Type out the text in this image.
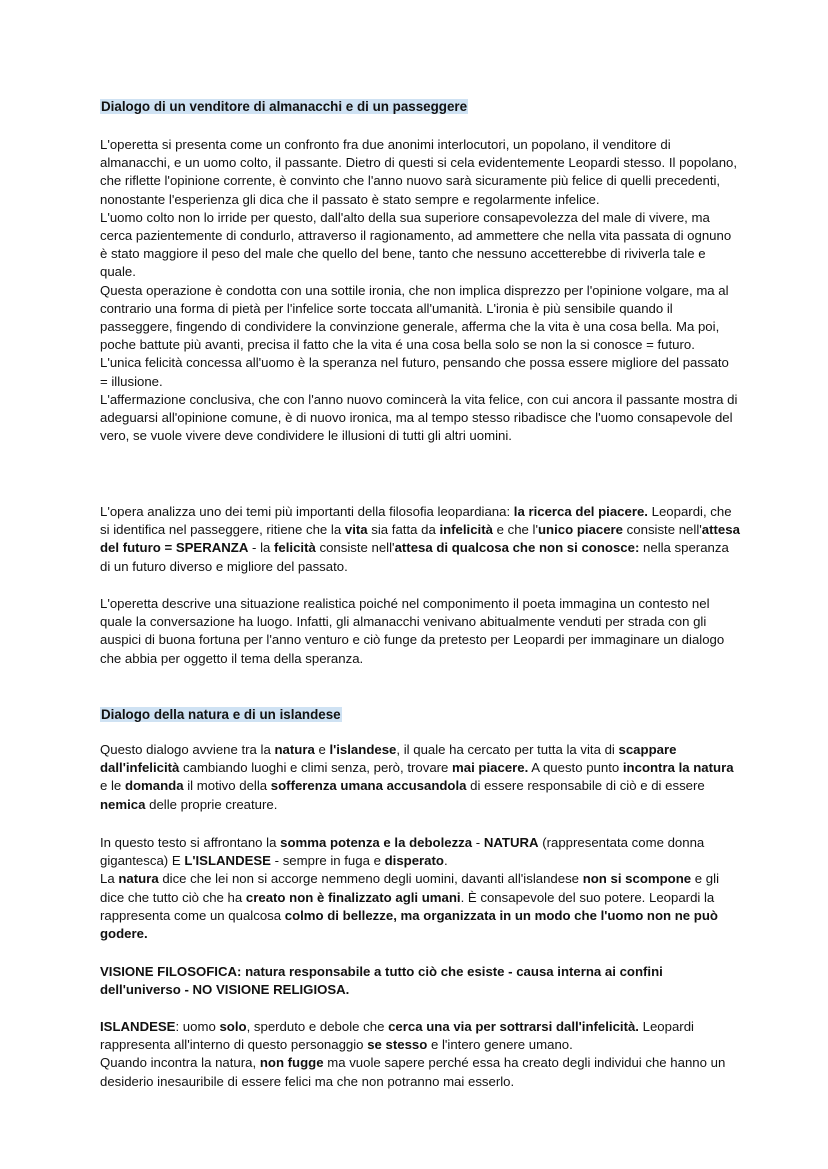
Dialogo di un venditore di almanacchi e di un passeggere

L'operetta si presenta come un confronto fra due anonimi interlocutori, un popolano, il venditore di almanacchi, e un uomo colto, il passante. Dietro di questi si cela evidentemente Leopardi stesso. Il popolano, che riflette l'opinione corrente, è convinto che l'anno nuovo sarà sicuramente più felice di quelli precedenti, nonostante l'esperienza gli dica che il passato è stato sempre e regolarmente infelice.

L'uomo colto non lo irride per questo, dall'alto della sua superiore consapevolezza del male di vivere, ma cerca pazientemente di condurlo, attraverso il ragionamento, ad ammettere che nella vita passata di ognuno è stato maggiore il peso del male che quello del bene, tanto che nessuno accetterebbe di riviverla tale e quale.

Questa operazione è condotta con una sottile ironia, che non implica disprezzo per l'opinione volgare, ma al contrario una forma di pietà per l'infelice sorte toccata all'umanità. L'ironia è più sensibile quando il passeggere, fingendo di condividere la convinzione generale, afferma che la vita è una cosa bella. Ma poi, poche battute più avanti, precisa il fatto che la vita é una cosa bella solo se non la si conosce = futuro.

L'unica felicità concessa all'uomo è la speranza nel futuro, pensando che possa essere migliore del passato = illusione.

L'affermazione conclusiva, che con l'anno nuovo comincerà la vita felice, con cui ancora il passante mostra di adeguarsi all'opinione comune, è di nuovo ironica, ma al tempo stesso ribadisce che l'uomo consapevole del vero, se vuole vivere deve condividere le illusioni di tutti gli altri uomini.

L'opera analizza uno dei temi più importanti della filosofia leopardiana: la ricerca del piacere. Leopardi, che si identifica nel passeggere, ritiene che la vita sia fatta da infelicità e che l'unico piacere consiste nell'attesa del futuro = SPERANZA - la felicità consiste nell'attesa di qualcosa che non si conosce: nella speranza di un futuro diverso e migliore del passato.

L'operetta descrive una situazione realistica poiché nel componimento il poeta immagina un contesto nel quale la conversazione ha luogo. Infatti, gli almanacchi venivano abitualmente venduti per strada con gli auspici di buona fortuna per l'anno venturo e ciò funge da pretesto per Leopardi per immaginare un dialogo che abbia per oggetto il tema della speranza.

Dialogo della natura e di un islandese

Questo dialogo avviene tra la natura e l'islandese, il quale ha cercato per tutta la vita di scappare dall'infelicità cambiando luoghi e climi senza, però, trovare mai piacere. A questo punto incontra la natura e le domanda il motivo della sofferenza umana accusandola di essere responsabile di ciò e di essere nemica delle proprie creature.

In questo testo si affrontano la somma potenza e la debolezza - NATURA (rappresentata come donna gigantesca) E L'ISLANDESE - sempre in fuga e disperato.

La natura dice che lei non si accorge nemmeno degli uomini, davanti all'islandese non si scompone e gli dice che tutto ciò che ha creato non è finalizzato agli umani. È consapevole del suo potere. Leopardi la rappresenta come un qualcosa colmo di bellezze, ma organizzata in un modo che l'uomo non ne può godere.

VISIONE FILOSOFICA: natura responsabile a tutto ciò che esiste - causa interna ai confini dell'universo - NO VISIONE RELIGIOSA.

ISLANDESE: uomo solo, sperduto e debole che cerca una via per sottrarsi dall'infelicità. Leopardi rappresenta all'interno di questo personaggio se stesso e l'intero genere umano.

Quando incontra la natura, non fugge ma vuole sapere perché essa ha creato degli individui che hanno un desiderio inesauribile di essere felici ma che non potranno mai esserlo.
